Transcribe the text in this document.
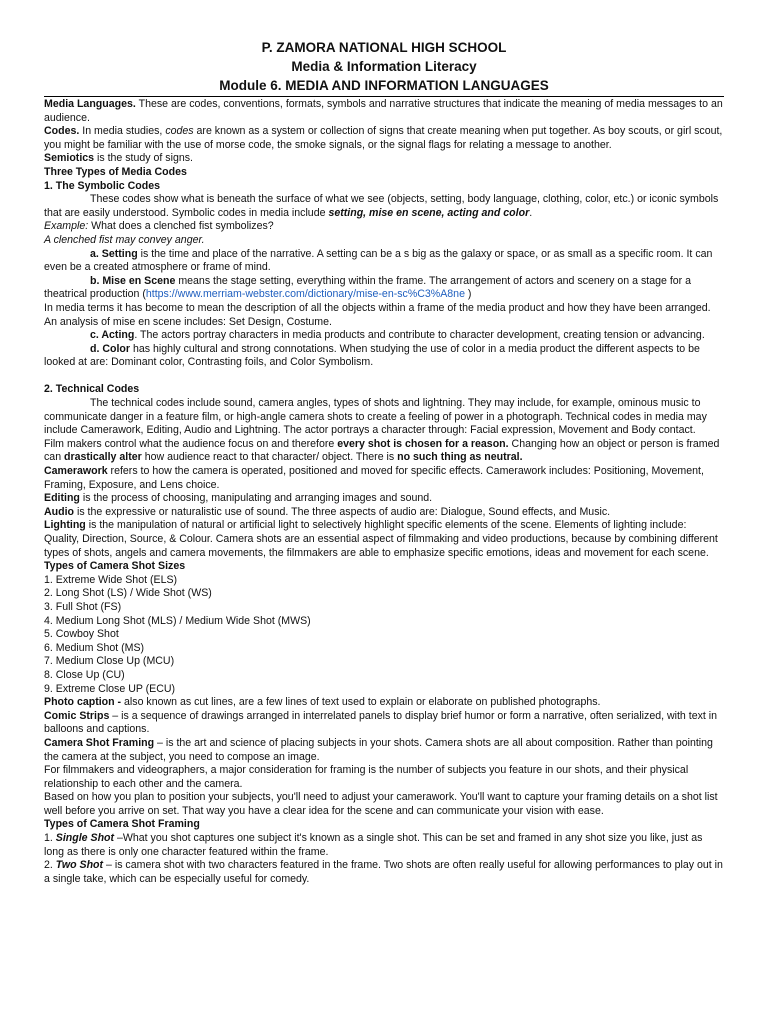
P. ZAMORA NATIONAL HIGH SCHOOL
Media & Information Literacy
Module 6. MEDIA AND INFORMATION LANGUAGES

Media Languages. These are codes, conventions, formats, symbols and narrative structures that indicate the meaning of media messages to an audience.

Codes. In media studies, codes are known as a system or collection of signs that create meaning when put together. As boy scouts, or girl scout, you might be familiar with the use of morse code, the smoke signals, or the signal flags for relating a message to another.

Semiotics is the study of signs.

Three Types of Media Codes

1. The Symbolic Codes

These codes show what is beneath the surface of what we see (objects, setting, body language, clothing, color, etc.) or iconic symbols that are easily understood. Symbolic codes in media include setting, mise en scene, acting and color.

Example: What does a clenched fist symbolizes?

A clenched fist may convey anger.

a. Setting is the time and place of the narrative. A setting can be a s big as the galaxy or space, or as small as a specific room. It can even be a created atmosphere or frame of mind.

b. Mise en Scene means the stage setting, everything within the frame. The arrangement of actors and scenery on a stage for a theatrical production (https://www.merriam-webster.com/dictionary/mise-en-sc%C3%A8ne )

In media terms it has become to mean the description of all the objects within a frame of the media product and how they have been arranged. An analysis of mise en scene includes: Set Design, Costume.

c. Acting. The actors portray characters in media products and contribute to character development, creating tension or advancing.

d. Color has highly cultural and strong connotations. When studying the use of color in a media product the different aspects to be looked at are: Dominant color, Contrasting foils, and Color Symbolism.

2. Technical Codes

The technical codes include sound, camera angles, types of shots and lightning. They may include, for example, ominous music to communicate danger in a feature film, or high-angle camera shots to create a feeling of power in a photograph. Technical codes in media may include Camerawork, Editing, Audio and Lightning. The actor portrays a character through: Facial expression, Movement and Body contact.

Film makers control what the audience focus on and therefore every shot is chosen for a reason. Changing how an object or person is framed can drastically alter how audience react to that character/ object. There is no such thing as neutral.

Camerawork refers to how the camera is operated, positioned and moved for specific effects. Camerawork includes: Positioning, Movement, Framing, Exposure, and Lens choice.

Editing is the process of choosing, manipulating and arranging images and sound.

Audio is the expressive or naturalistic use of sound. The three aspects of audio are: Dialogue, Sound effects, and Music.

Lighting is the manipulation of natural or artificial light to selectively highlight specific elements of the scene. Elements of lighting include: Quality, Direction, Source, & Colour. Camera shots are an essential aspect of filmmaking and video productions, because by combining different types of shots, angels and camera movements, the filmmakers are able to emphasize specific emotions, ideas and movement for each scene.

Types of Camera Shot Sizes

1. Extreme Wide Shot (ELS)

2. Long Shot (LS) / Wide Shot (WS)

3. Full Shot (FS)

4. Medium Long Shot (MLS) / Medium Wide Shot (MWS)

5. Cowboy Shot

6. Medium Shot (MS)

7. Medium Close Up (MCU)

8. Close Up (CU)

9. Extreme Close UP (ECU)

Photo caption - also known as cut lines, are a few lines of text used to explain or elaborate on published photographs.

Comic Strips – is a sequence of drawings arranged in interrelated panels to display brief humor or form a narrative, often serialized, with text in balloons and captions.

Camera Shot Framing – is the art and science of placing subjects in your shots. Camera shots are all about composition. Rather than pointing the camera at the subject, you need to compose an image.

For filmmakers and videographers, a major consideration for framing is the number of subjects you feature in our shots, and their physical relationship to each other and the camera.

Based on how you plan to position your subjects, you'll need to adjust your camerawork. You'll want to capture your framing details on a shot list well before you arrive on set. That way you have a clear idea for the scene and can communicate your vision with ease.

Types of Camera Shot Framing

1. Single Shot –What you shot captures one subject it's known as a single shot. This can be set and framed in any shot size you like, just as long as there is only one character featured within the frame.

2. Two Shot – is camera shot with two characters featured in the frame. Two shots are often really useful for allowing performances to play out in a single take, which can be especially useful for comedy.
